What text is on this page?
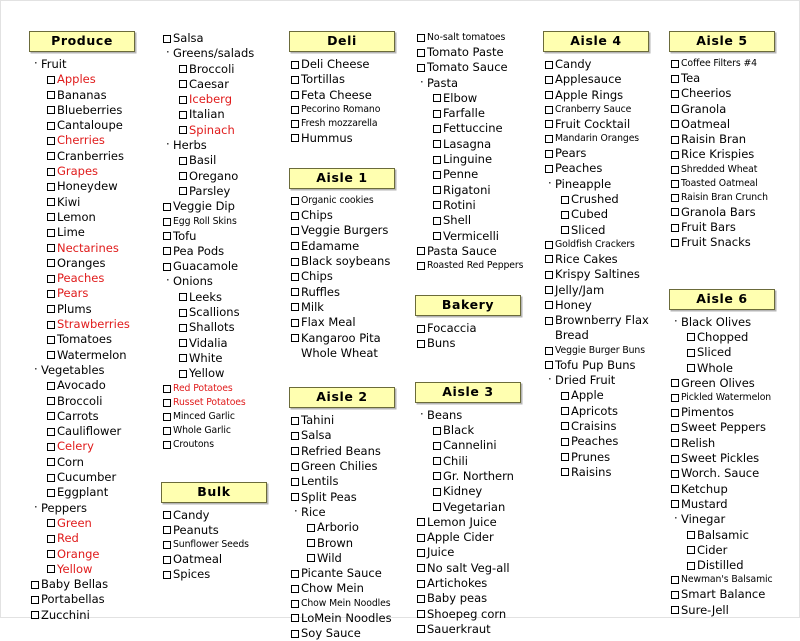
Produce
· Fruit
Apples
Bananas
Blueberries
Cantaloupe
Cherries
Cranberries
Grapes
Honeydew
Kiwi
Lemon
Lime
Nectarines
Oranges
Peaches
Pears
Plums
Strawberries
Tomatoes
Watermelon
· Vegetables
Avocado
Broccoli
Carrots
Cauliflower
Celery
Corn
Cucumber
Eggplant
· Peppers
Green
Red
Orange
Yellow
Baby Bellas
Portabellas
Zucchini
Salsa
· Greens/salads
Broccoli
Caesar
Iceberg
Italian
Spinach
· Herbs
Basil
Oregano
Parsley
Veggie Dip
Egg Roll Skins
Tofu
Pea Pods
Guacamole
· Onions
Leeks
Scallions
Shallots
Vidalia
White
Yellow
Red Potatoes
Russet Potatoes
Minced Garlic
Whole Garlic
Croutons
Bulk
Candy
Peanuts
Sunflower Seeds
Oatmeal
Spices
Deli
Deli Cheese
Tortillas
Feta Cheese
Pecorino Romano
Fresh mozzarella
Hummus
Aisle 1
Organic cookies
Chips
Veggie Burgers
Edamame
Black soybeans
Chips
Ruffles
Milk
Flax Meal
Kangaroo Pita Whole Wheat
Aisle 2
Tahini
Salsa
Refried Beans
Green Chilies
Lentils
Split Peas
· Rice
Arborio
Brown
Wild
Picante Sauce
Chow Mein
Chow Mein Noodles
LoMein Noodles
Soy Sauce
No-salt tomatoes
Tomato Paste
Tomato Sauce
· Pasta
Elbow
Farfalle
Fettuccine
Lasagna
Linguine
Penne
Rigatoni
Rotini
Shell
Vermicelli
Pasta Sauce
Roasted Red Peppers
Bakery
Focaccia
Buns
Aisle 3
· Beans
Black
Cannelini
Chili
Gr. Northern
Kidney
Vegetarian
Lemon Juice
Apple Cider
Juice
No salt Veg-all
Artichokes
Baby peas
Shoepeg corn
Sauerkraut
Aisle 4
Candy
Applesauce
Apple Rings
Cranberry Sauce
Fruit Cocktail
Mandarin Oranges
Pears
Peaches
· Pineapple
Crushed
Cubed
Sliced
Goldfish Crackers
Rice Cakes
Krispy Saltines
Jelly/Jam
Honey
Brownberry Flax Bread
Veggie Burger Buns
Tofu Pup Buns
· Dried Fruit
Apple
Apricots
Craisins
Peaches
Prunes
Raisins
Aisle 5
Coffee Filters #4
Tea
Cheerios
Granola
Oatmeal
Raisin Bran
Rice Krispies
Shredded Wheat
Toasted Oatmeal
Raisin Bran Crunch
Granola Bars
Fruit Bars
Fruit Snacks
Aisle 6
· Black Olives
Chopped
Sliced
Whole
Green Olives
Pickled Watermelon
Pimentos
Sweet Peppers
Relish
Sweet Pickles
Worch. Sauce
Ketchup
Mustard
· Vinegar
Balsamic
Cider
Distilled
Newman's Balsamic
Smart Balance
Sure-Jell
